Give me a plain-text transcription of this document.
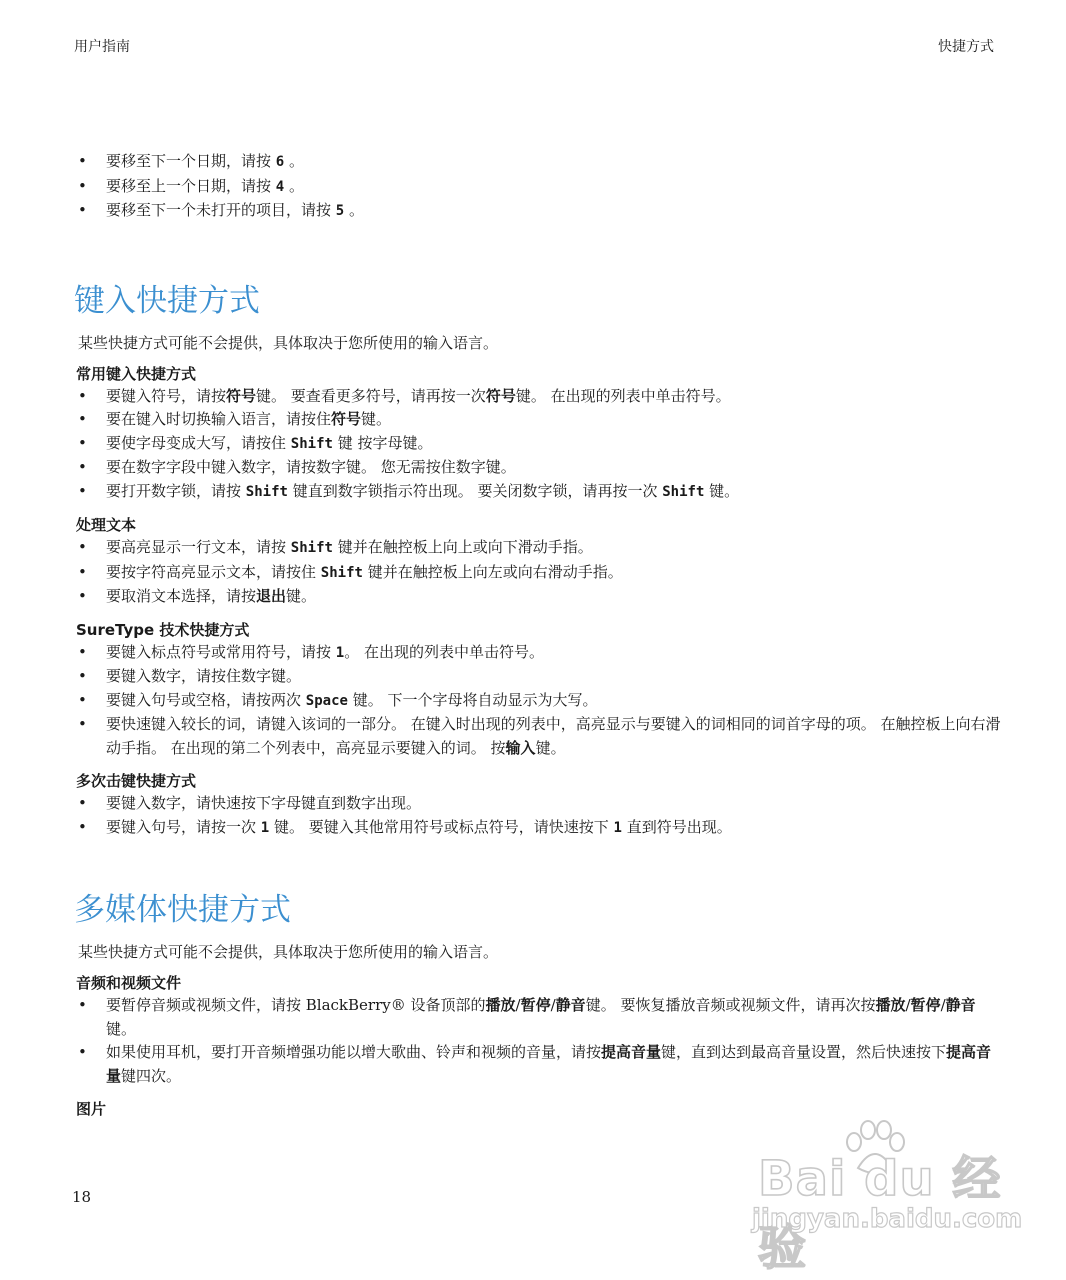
用户指南	快捷方式
•	要移至下一个日期，请按 6 。
•	要移至上一个日期，请按 4 。
•	要移至下一个未打开的项目，请按 5 。
键入快捷方式

某些快捷方式可能不会提供，具体取决于您所使用的输入语言。

常用键入快捷方式

•	要键入符号，请按符号键。 要查看更多符号，请再按一次符号键。 在出现的列表中单击符号。
•	要在键入时切换输入语言，请按住符号键。
•	要使字母变成大写，请按住 Shift 键 按字母键。
•	要在数字字段中键入数字，请按数字键。 您无需按住数字键。
•	要打开数字锁，请按 Shift 键直到数字锁指示符出现。 要关闭数字锁，请再按一次 Shift 键。

处理文本

•	要高亮显示一行文本，请按 Shift 键并在触控板上向上或向下滑动手指。
•	要按字符高亮显示文本，请按住 Shift 键并在触控板上向左或向右滑动手指。
•	要取消文本选择，请按退出键。

SureType 技术快捷方式

•	要键入标点符号或常用符号，请按 1。 在出现的列表中单击符号。
•	要键入数字，请按住数字键。
•	要键入句号或空格，请按两次 Space 键。 下一个字母将自动显示为大写。
•	要快速键入较长的词，请键入该词的一部分。 在键入时出现的列表中，高亮显示与要键入的词相同的词首字母的项。 在触控板上向右滑动手指。 在出现的第二个列表中，高亮显示要键入的词。 按输入键。

多次击键快捷方式

•	要键入数字，请快速按下字母键直到数字出现。
•	要键入句号，请按一次 1 键。 要键入其他常用符号或标点符号，请快速按下 1 直到符号出现。
多媒体快捷方式

某些快捷方式可能不会提供，具体取决于您所使用的输入语言。

音频和视频文件

•	要暂停音频或视频文件，请按 BlackBerry® 设备顶部的播放/暂停/静音键。 要恢复播放音频或视频文件，请再次按播放/暂停/静音键。
•	如果使用耳机，要打开音频增强功能以增大歌曲、铃声和视频的音量，请按提高音量键，直到达到最高音量设置，然后快速按下提高音量键四次。

图片

18	Bai du 经验
jingyan.baidu.com
